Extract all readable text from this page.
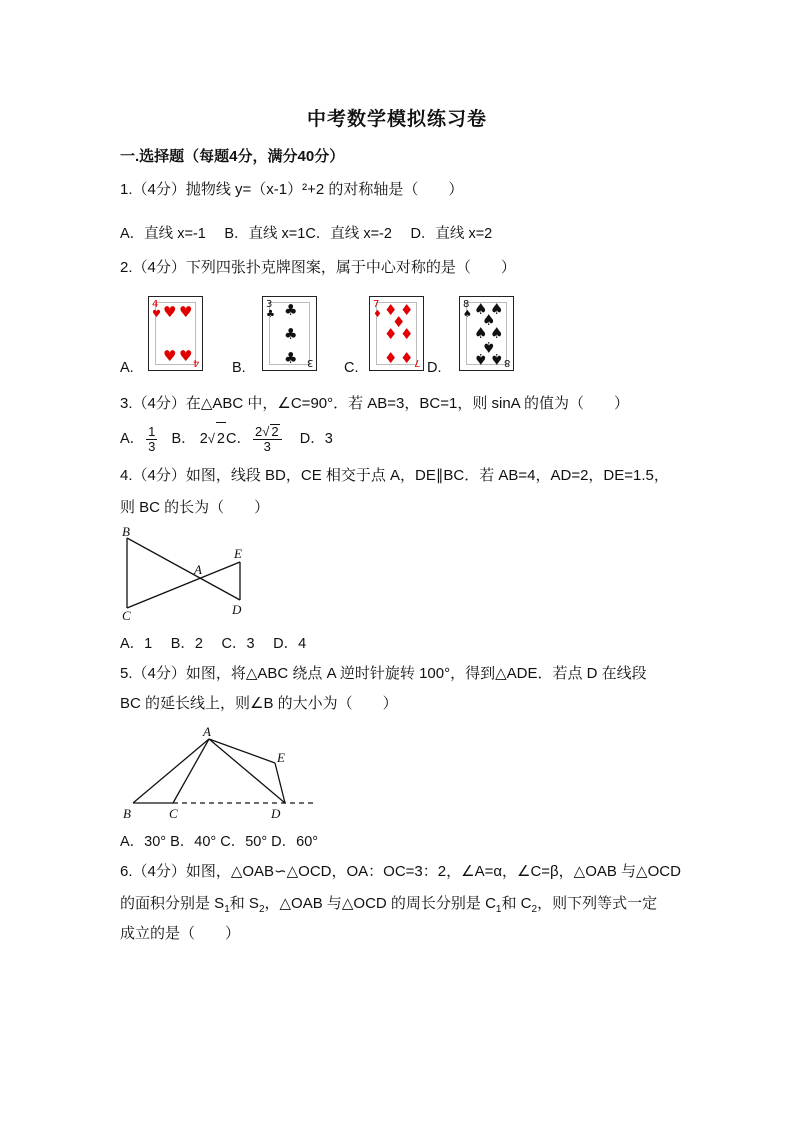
中考数学模拟练习卷
一.选择题（每题4分，满分40分）
1.（4分）抛物线 y=（x-1）²+2 的对称轴是（　　）
A．直线 x=-1　 B．直线 x=1C．直线 x=-2　 D．直线 x=2
2.（4分）下列四张扑克牌图案，属于中心对称的是（　　）
A.
4
♥ ♥ ♥
♥ ♥ 4 B.
3
♣ ♣
♣
♣ 3 C.
7
♦ ♦ ♦
♦
♦ ♦
♦ ♦ 7 D.
8
♠ ♠ ♠
♠
♠ ♠
♠
♠ ♠ 8
3.（4分）在△ABC 中，∠C=90°．若 AB=3，BC=1，则 sinA 的值为（　　）
A． $\frac{1}{3}$ B． 2√ 2C． $\frac{2√ 2}{3}$ D．3
4.（4分）如图，线段 BD，CE 相交于点 A，DE∥BC．若 AB=4，AD=2，DE=1.5，
则 BC 的长为（　　）
B
C
A
E
D
A．1　 B．2　 C．3　 D．4
5.（4分）如图，将△ABC 绕点 A 逆时针旋转 100°，得到△ADE．若点 D 在线段
BC 的延长线上，则∠B 的大小为（　　）
A
B	C	D
E
A．30° B．40° C．50° D．60°
6.（4分）如图，△OAB∽△OCD，OA：OC=3：2，∠A=α，∠C=β，△OAB 与△OCD
的面积分别是 $S_1$和 $S_2$，△OAB 与△OCD 的周长分别是 $C_1$和 $C_2$，则下列等式一定
成立的是（　　）
